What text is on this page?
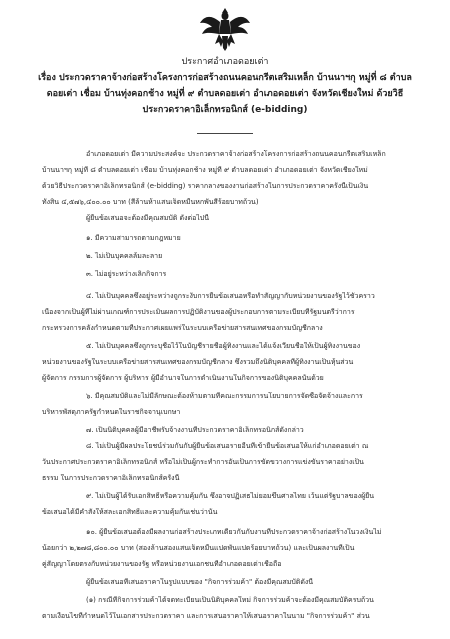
ประกาศอำเภอดอยเต่า
เรื่อง ประกวดราคาจ้างก่อสร้างโครงการก่อสร้างถนนคอนกรีตเสริมเหล็ก บ้านนาฯกุ หมู่ที่ ๘ ตำบล
ดอยเต่า เชื่อม บ้านทุ่งคอกช้าง หมู่ที่ ๙ ตำบลดอยเต่า อำเภอดอยเต่า จังหวัดเชียงใหม่ ด้วยวิธี
ประกวดราคาอิเล็กทรอนิกส์ (e-bidding)
อำเภอดอยเต่า มีความประสงค์จะ ประกวดราคาจ้างก่อสร้างโครงการก่อสร้างถนนคอนกรีตเสริมเหล็ก
บ้านนาฯกุ หมู่ที่ ๘ ตำบลดอยเต่า เชื่อม บ้านทุ่งคอกช้าง หมู่ที่ ๙ ตำบลดอยเต่า อำเภอดอยเต่า จังหวัดเชียงใหม่
ด้วยวิธีประกวดราคาอิเล็กทรอนิกส์ (e-bidding) ราคากลางของงานก่อสร้างในการประกวดราคาครั้งนี้เป็นเงิน
ทั้งสิ้น ๔,๕๗๖,๔๐๐.๐๐ บาท (สี่ล้านห้าแสนเจ็ดหมื่นหกพันสี่ร้อยบาทถ้วน)
ผู้ยื่นข้อเสนอจะต้องมีคุณสมบัติ ดังต่อไปนี้
๑. มีความสามารถตามกฎหมาย
๒. ไม่เป็นบุคคลล้มละลาย
๓. ไม่อยู่ระหว่างเลิกกิจการ
๔. ไม่เป็นบุคคลซึ่งอยู่ระหว่างถูกระงับการยื่นข้อเสนอหรือทำสัญญากับหน่วยงานของรัฐไว้ชั่วคราว
เนื่องจากเป็นผู้ที่ไม่ผ่านเกณฑ์การประเมินผลการปฏิบัติงานของผู้ประกอบการตามระเบียบที่รัฐมนตรีว่าการ
กระทรวงการคลังกำหนดตามที่ประกาศเผยแพร่ในระบบเครือข่ายสารสนเทศของกรมบัญชีกลาง
๕. ไม่เป็นบุคคลซึ่งถูกระบุชื่อไว้ในบัญชีรายชื่อผู้ทิ้งงานและได้แจ้งเวียนชื่อให้เป็นผู้ทิ้งงานของ
หน่วยงานของรัฐในระบบเครือข่ายสารสนเทศของกรมบัญชีกลาง ซึ่งรวมถึงนิติบุคคลที่ผู้ทิ้งงานเป็นหุ้นส่วน
ผู้จัดการ กรรมการผู้จัดการ ผู้บริหาร ผู้มีอำนาจในการดำเนินงานในกิจการของนิติบุคคลนั้นด้วย
๖. มีคุณสมบัติและไม่มีลักษณะต้องห้ามตามที่คณะกรรมการนโยบายการจัดซื้อจัดจ้างและการ
บริหารพัสดุภาครัฐกำหนดในราชกิจจานุเบกษา
๗. เป็นนิติบุคคลผู้มีอาชีพรับจ้างงานที่ประกวดราคาอิเล็กทรอนิกส์ดังกล่าว
๘. ไม่เป็นผู้มีผลประโยชน์ร่วมกันกับผู้ยื่นข้อเสนอรายอื่นที่เข้ายื่นข้อเสนอให้แก่อำเภอดอยเต่า ณ
วันประกาศประกวดราคาอิเล็กทรอนิกส์ หรือไม่เป็นผู้กระทำการอันเป็นการขัดขวางการแข่งขันราคาอย่างเป็น
ธรรม ในการประกวดราคาอิเล็กทรอนิกส์ครั้งนี้
๙. ไม่เป็นผู้ได้รับเอกสิทธิ์หรือความคุ้มกัน ซึ่งอาจปฏิเสธไม่ยอมขึ้นศาลไทย เว้นแต่รัฐบาลของผู้ยื่น
ข้อเสนอได้มีคำสั่งให้สละเอกสิทธิ์และความคุ้มกันเช่นว่านั้น
๑๐. ผู้ยื่นข้อเสนอต้องมีผลงานก่อสร้างประเภทเดียวกันกับงานที่ประกวดราคาจ้างก่อสร้างในวงเงินไม่
น้อยกว่า ๒,๒๗๘,๘๐๐.๐๐ บาท (สองล้านสองแสนเจ็ดหมื่นแปดพันแปดร้อยบาทถ้วน) และเป็นผลงานที่เป็น
คู่สัญญาโดยตรงกับหน่วยงานของรัฐ หรือหน่วยงานเอกชนที่อำเภอดอยเต่าเชื่อถือ
ผู้ยื่นข้อเสนอที่เสนอราคาในรูปแบบของ "กิจการร่วมค้า" ต้องมีคุณสมบัติดังนี้
(๑) กรณีที่กิจการร่วมค้าได้จดทะเบียนเป็นนิติบุคคลใหม่ กิจการร่วมค้าจะต้องมีคุณสมบัติครบถ้วน
ตามเงื่อนไขที่กำหนดไว้ในเอกสารประกวดราคา และการเสนอราคาให้เสนอราคาในนาม "กิจการร่วมค้า" ส่วน
